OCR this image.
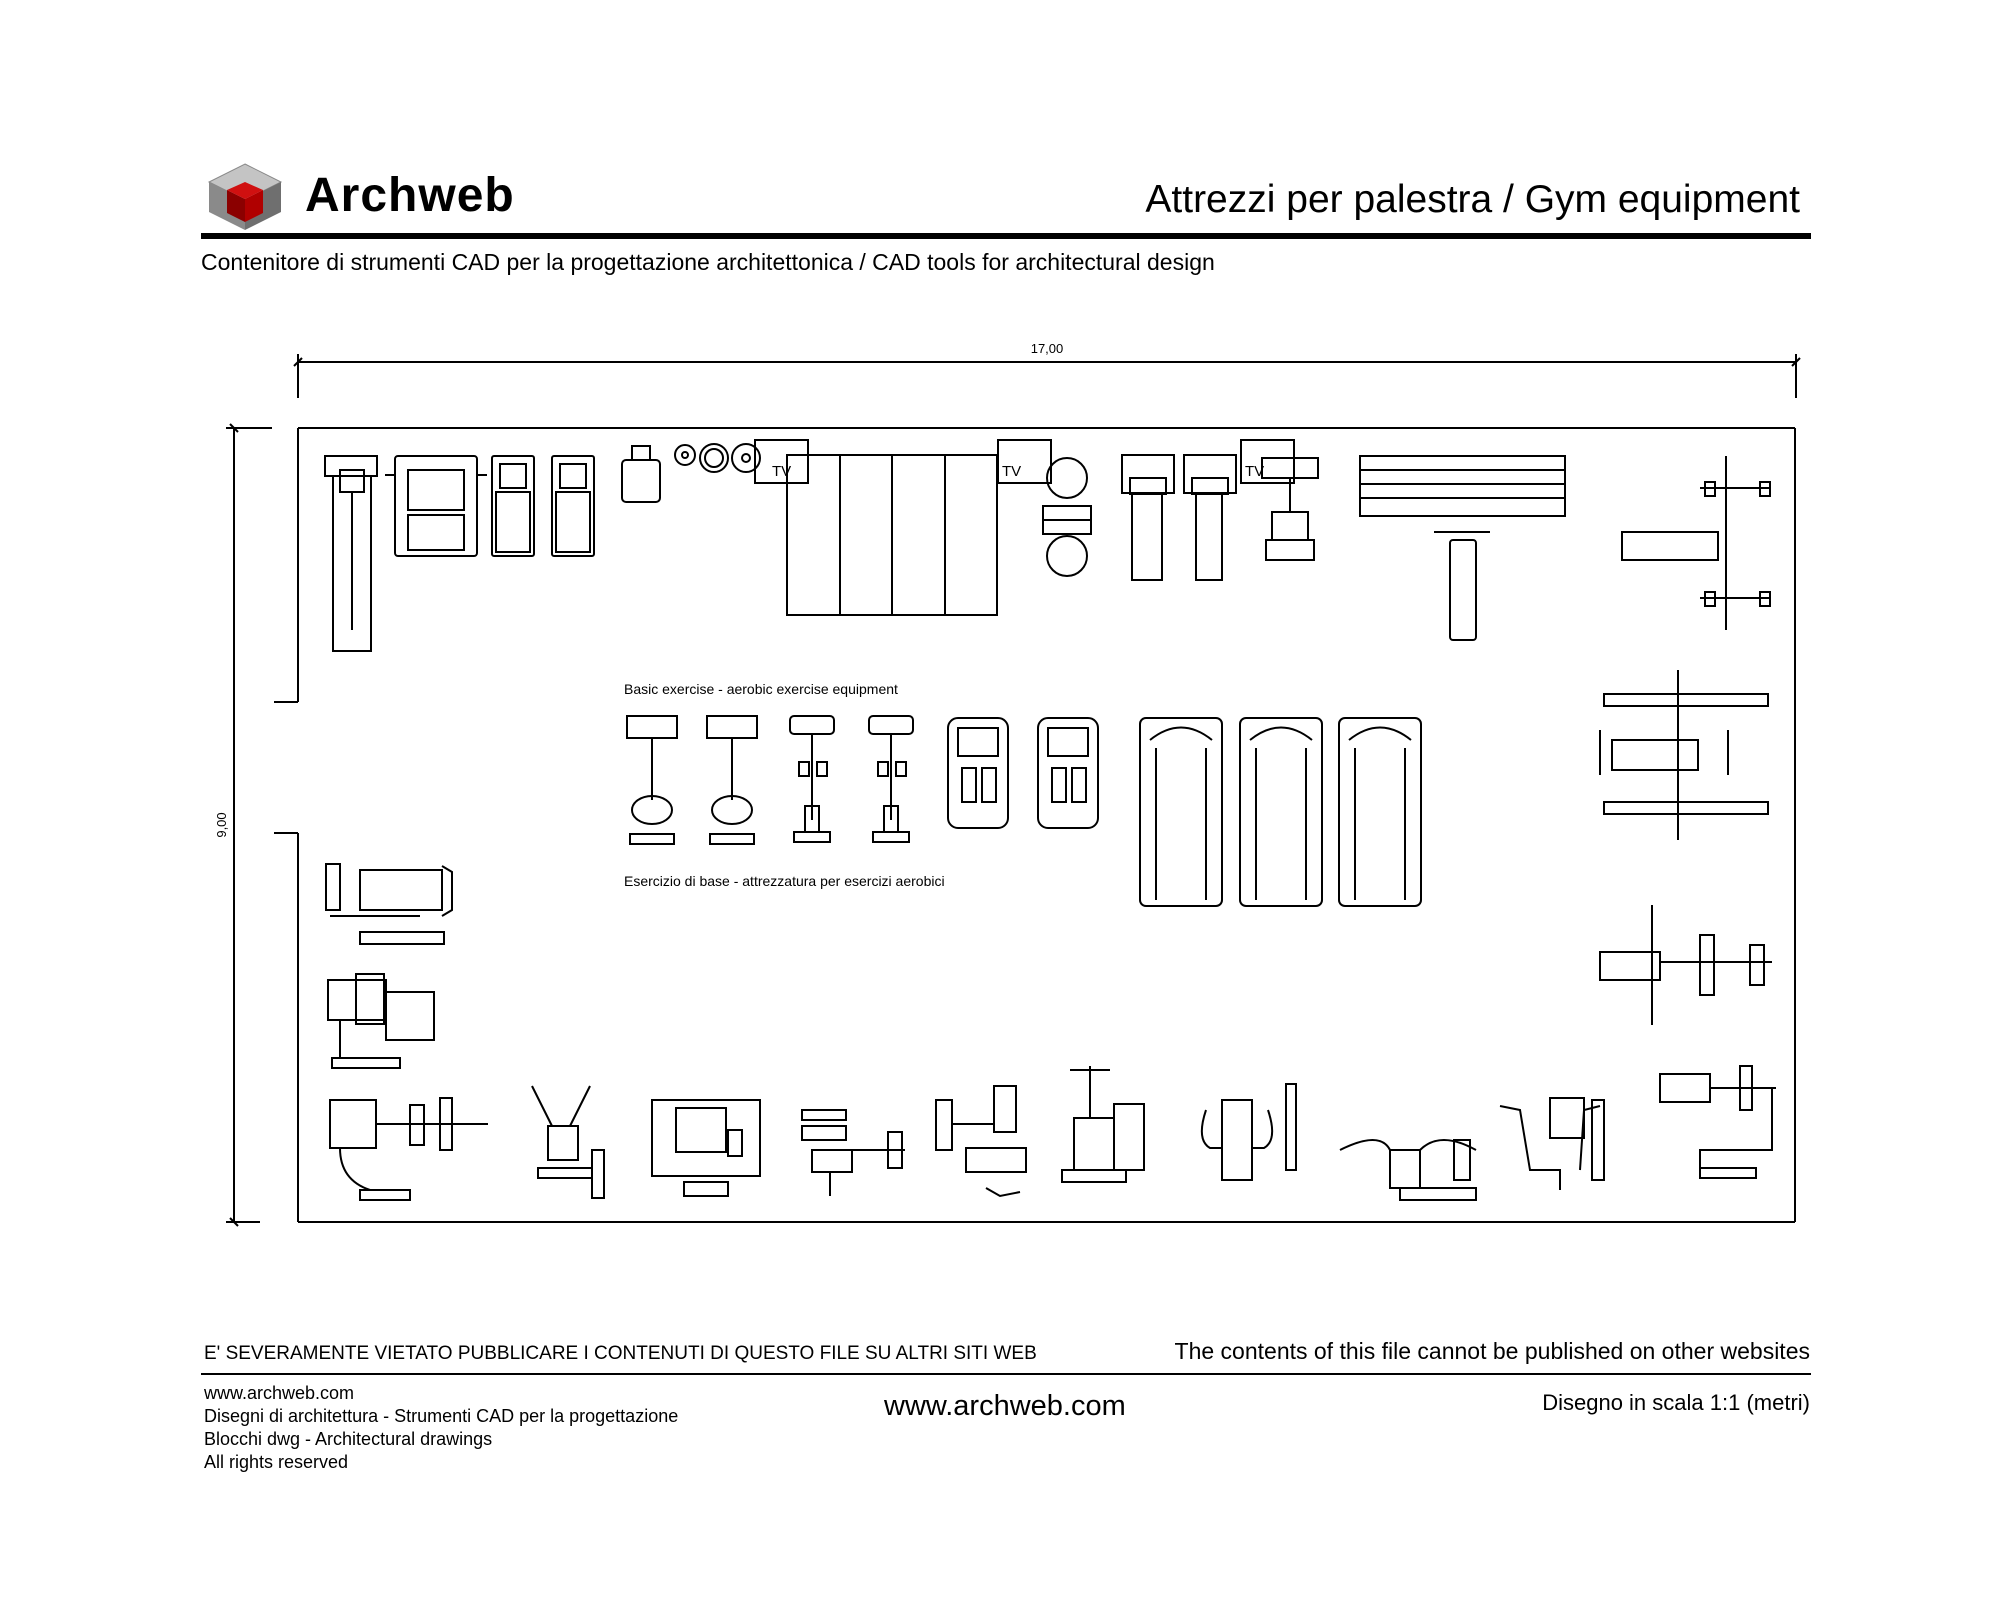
Archweb	Attrezzi per palestra / Gym equipment
Contenitore di strumenti CAD per la progettazione architettonica / CAD tools for architectural design
17,00
9,00
TV	TV	TV
Basic exercise - aerobic exercise equipment
Esercizio di base - attrezzatura per esercizi aerobici
E' SEVERAMENTE VIETATO PUBBLICARE I CONTENUTI DI QUESTO FILE SU ALTRI SITI WEB	The contents of this file cannot be published on other websites
www.archweb.com
Disegni di architettura - Strumenti CAD per la progettazione
Blocchi dwg - Architectural drawings
All rights reserved
www.archweb.com	Disegno in scala 1:1 (metri)
